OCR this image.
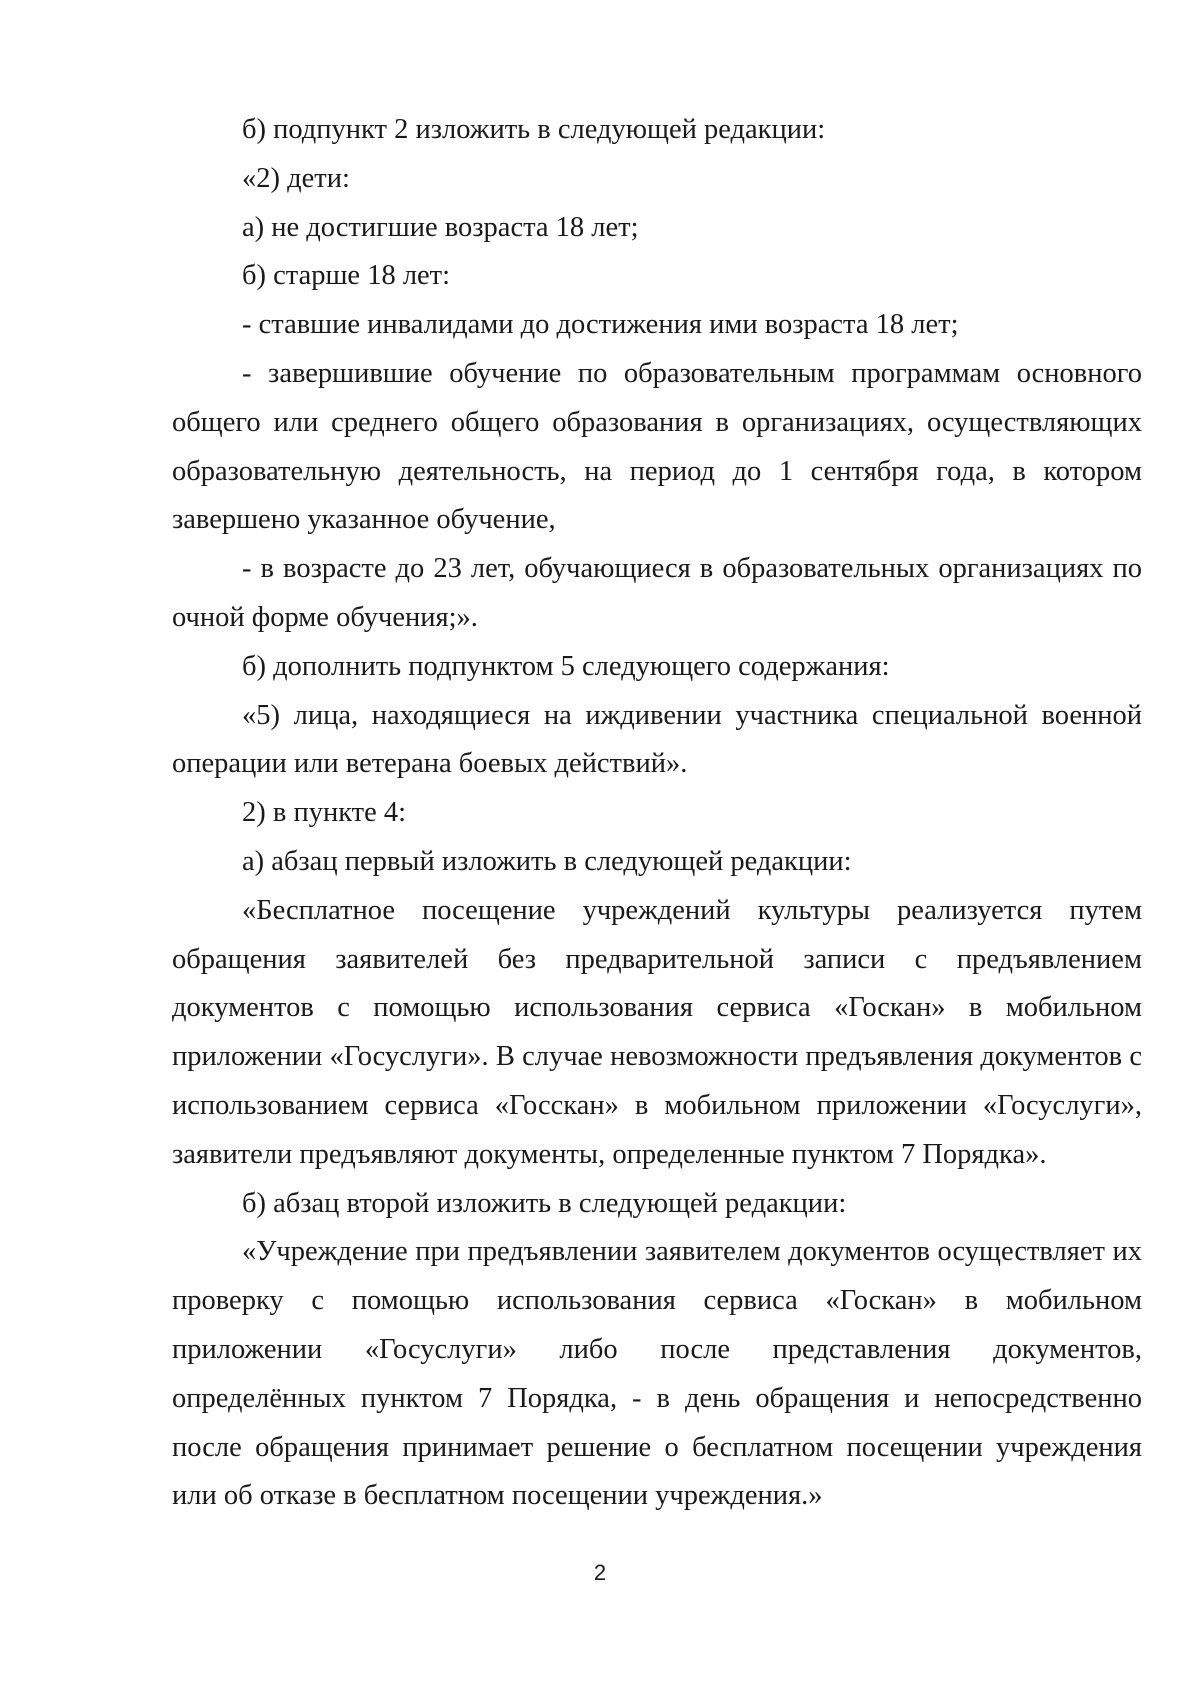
б) подпункт 2 изложить в следующей редакции:

«2) дети:

а) не достигшие возраста 18 лет;

б) старше 18 лет:

- ставшие инвалидами до достижения ими возраста 18 лет;

- завершившие обучение по образовательным программам основного общего или среднего общего образования в организациях, осуществляющих образовательную деятельность, на период до 1 сентября года, в котором завершено указанное обучение,

- в возрасте до 23 лет, обучающиеся в образовательных организациях по очной форме обучения;».

б) дополнить подпунктом 5 следующего содержания:

«5) лица, находящиеся на иждивении участника специальной военной операции или ветерана боевых действий».

2) в пункте 4:

а) абзац первый изложить в следующей редакции:

«Бесплатное посещение учреждений культуры реализуется путем обращения заявителей без предварительной записи с предъявлением документов с помощью использования сервиса «Госкан» в мобильном приложении «Госуслуги». В случае невозможности предъявления документов с использованием сервиса «Госскан» в мобильном приложении «Госуслуги», заявители предъявляют документы, определенные пунктом 7 Порядка».

б) абзац второй изложить в следующей редакции:

«Учреждение при предъявлении заявителем документов осуществляет их проверку с помощью использования сервиса «Госкан» в мобильном приложении «Госуслуги» либо после представления документов, определённых пунктом 7 Порядка, - в день обращения и непосредственно после обращения принимает решение о бесплатном посещении учреждения или об отказе в бесплатном посещении учреждения.»

2
